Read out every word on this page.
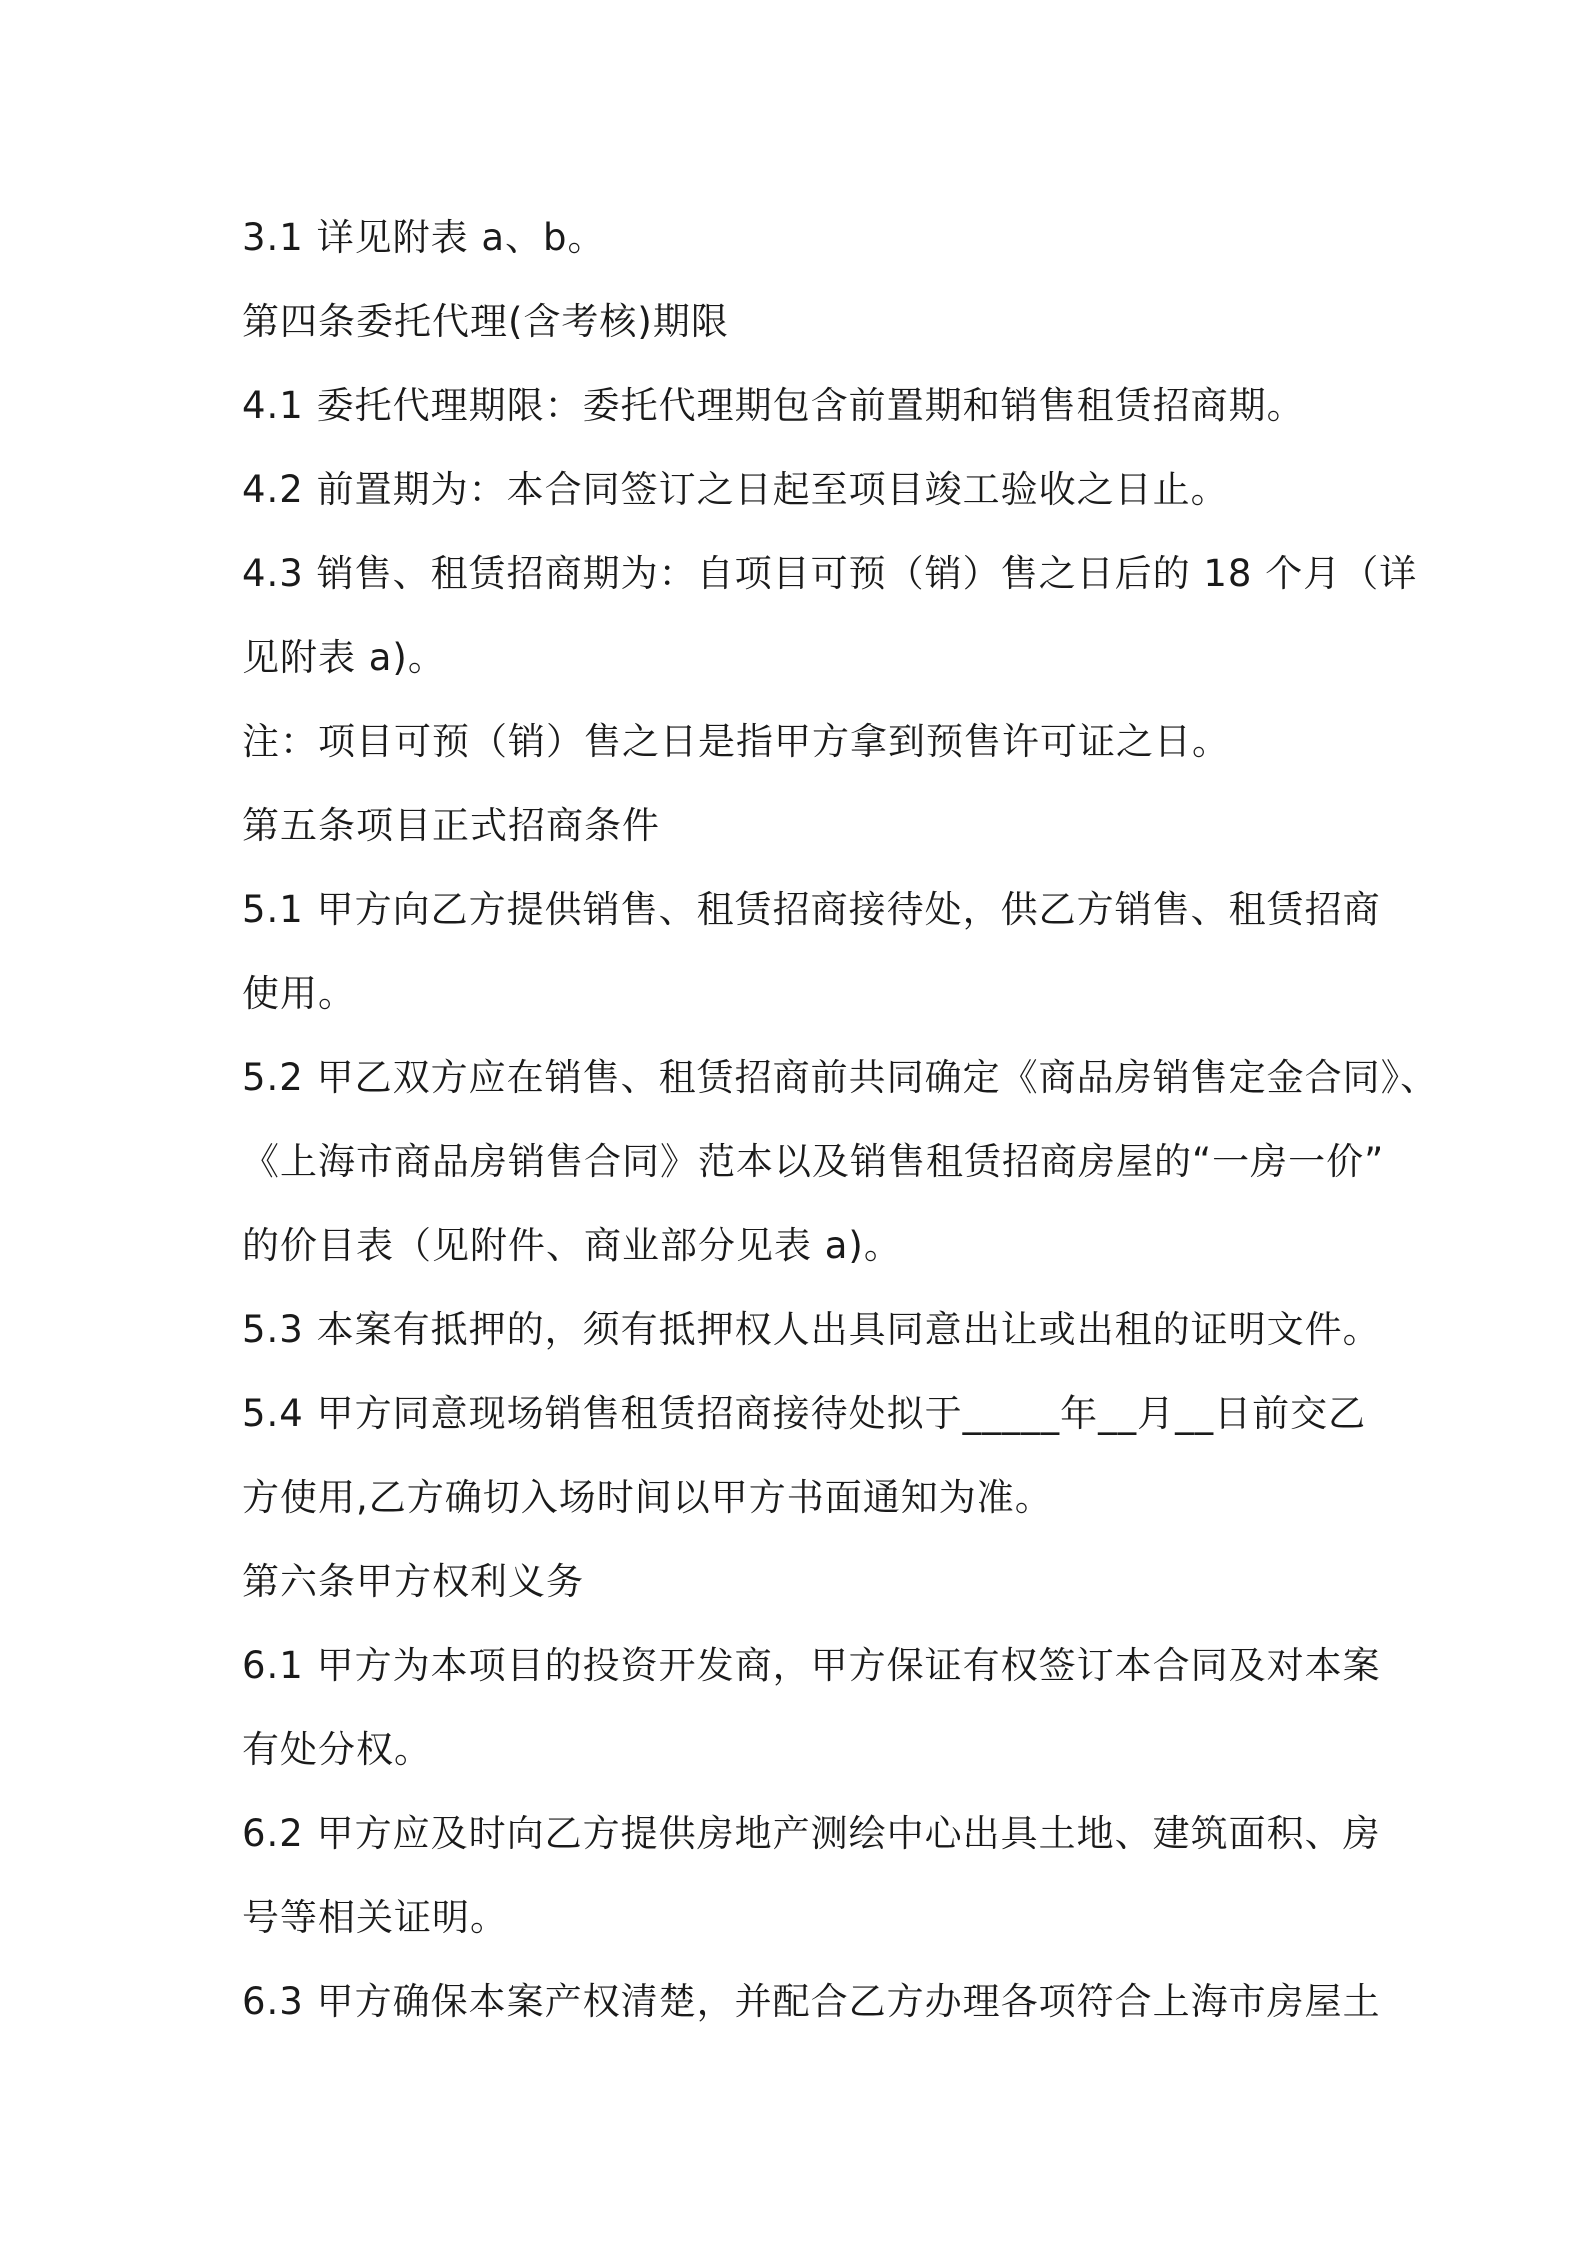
3.1 详见附表 a、b。
第四条委托代理(含考核)期限
4.1 委托代理期限：委托代理期包含前置期和销售租赁招商期。
4.2 前置期为：本合同签订之日起至项目竣工验收之日止。
4.3 销售、租赁招商期为：自项目可预（销）售之日后的 18 个月（详
见附表 a)。
注：项目可预（销）售之日是指甲方拿到预售许可证之日。
第五条项目正式招商条件
5.1 甲方向乙方提供销售、租赁招商接待处，供乙方销售、租赁招商
使用。
5.2 甲乙双方应在销售、租赁招商前共同确定《商品房销售定金合同》、
《上海市商品房销售合同》范本以及销售租赁招商房屋的“一房一价”
的价目表（见附件、商业部分见表 a)。
5.3 本案有抵押的，须有抵押权人出具同意出让或出租的证明文件。
5.4 甲方同意现场销售租赁招商接待处拟于_____年__月__日前交乙
方使用,乙方确切入场时间以甲方书面通知为准。
第六条甲方权利义务
6.1 甲方为本项目的投资开发商，甲方保证有权签订本合同及对本案
有处分权。
6.2 甲方应及时向乙方提供房地产测绘中心出具土地、建筑面积、房
号等相关证明。
6.3 甲方确保本案产权清楚，并配合乙方办理各项符合上海市房屋土
